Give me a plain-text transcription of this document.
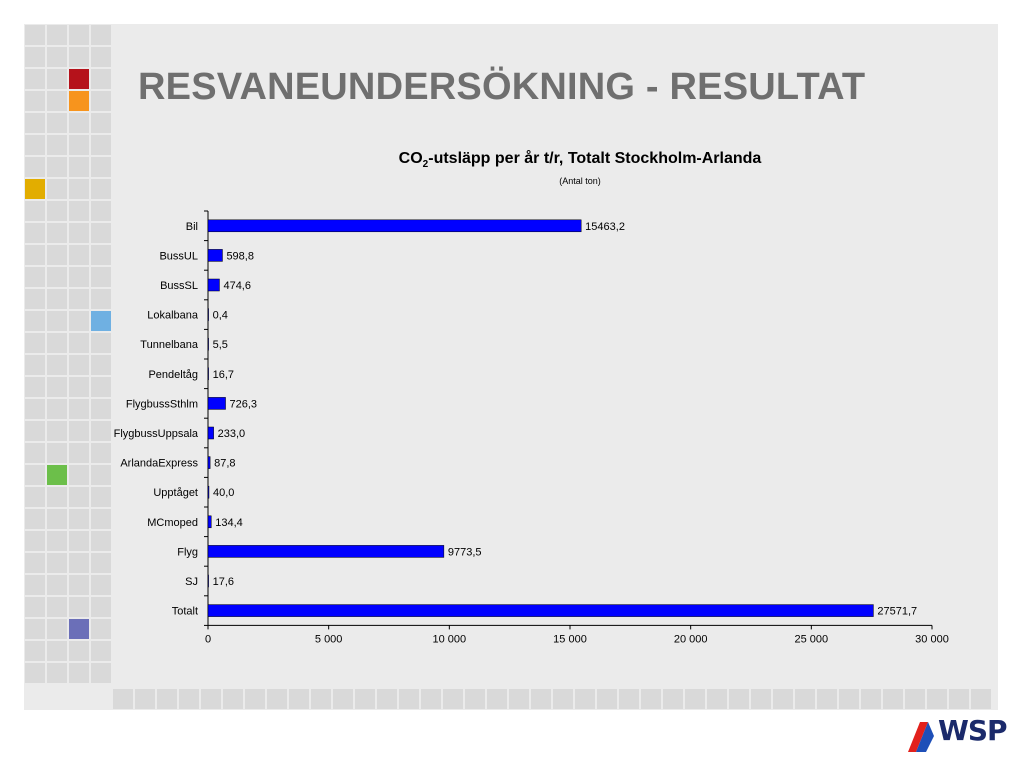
RESVANEUNDERSÖKNING - RESULTAT
$CO_2$-utsläpp per år t/r, Totalt Stockholm-Arlanda
(Antal ton)
0	5 000	10 000	15 000	20 000	25 000	30 000
Bil	15463,2
BussUL	598,8
BussSL 474,6
Lokalbana 0,4
Tunnelbana 5,5
Pendeltåg 16,7
FlygbussSthlm	726,3
FlygbussUppsala 233,0
ArlandaExpress 87,8
Upptåget 40,0
MCmoped 134,4
Flyg	9773,5
SJ 17,6
Totalt	27571,7
WSP
